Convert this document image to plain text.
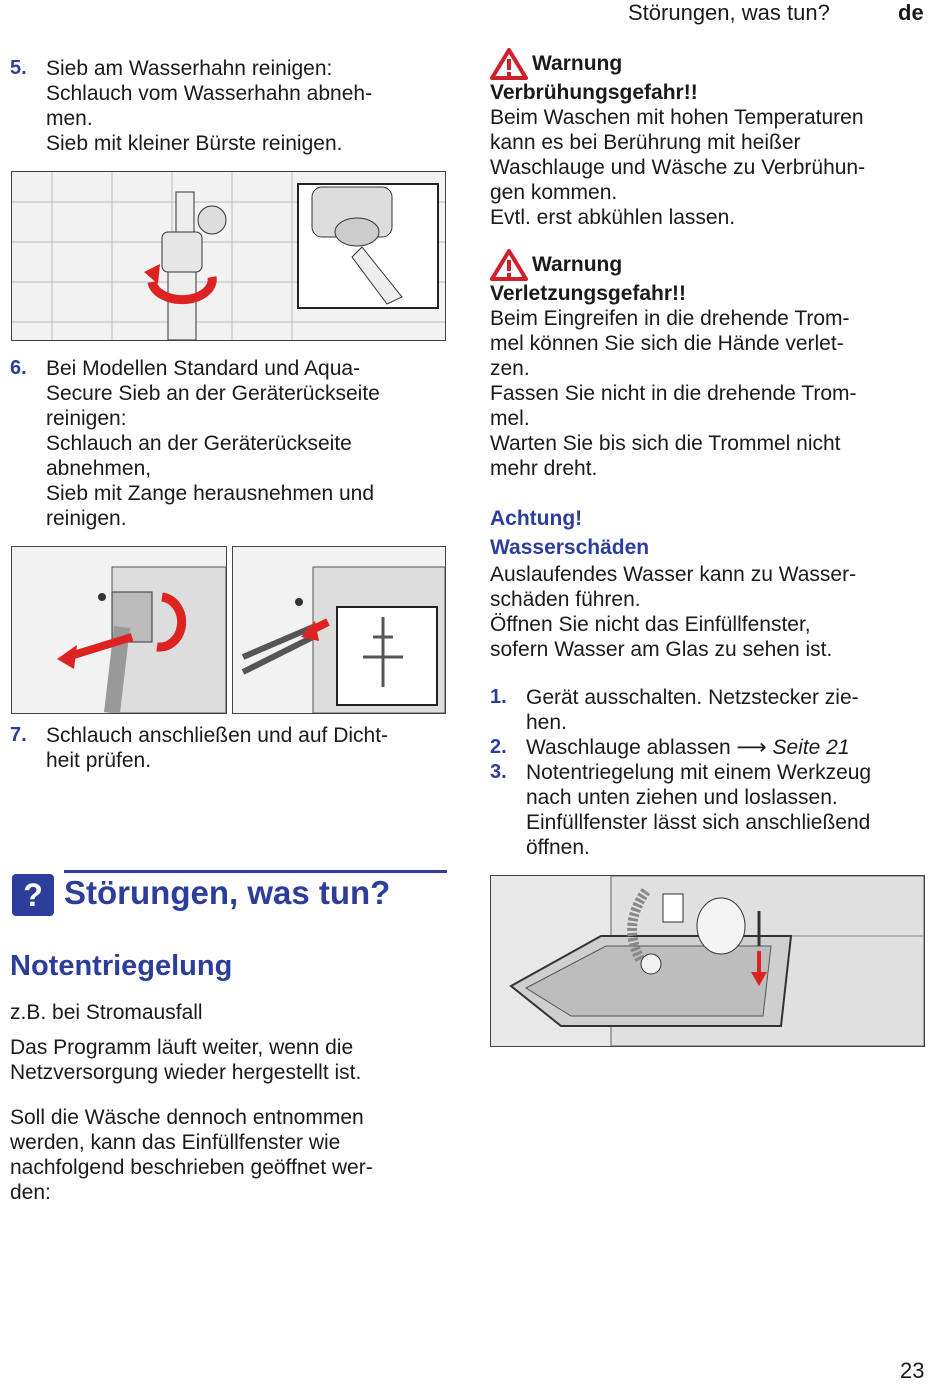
Störungen, was tun?	de
5. Sieb am Wasserhahn reinigen:
Schlauch vom Wasserhahn abneh-
men.
Sieb mit kleiner Bürste reinigen.
6. Bei Modellen Standard und Aqua-
Secure Sieb an der Geräterückseite
reinigen:
Schlauch an der Geräterückseite
abnehmen,
Sieb mit Zange herausnehmen und
reinigen.
7. Schlauch anschließen und auf Dicht-
heit prüfen.
? Störungen, was tun?
Notentriegelung
z.B. bei Stromausfall
Das Programm läuft weiter, wenn die
Netzversorgung wieder hergestellt ist.
Soll die Wäsche dennoch entnommen
werden, kann das Einfüllfenster wie
nachfolgend beschrieben geöffnet wer-
den:
Warnung
Verbrühungsgefahr!!
Beim Waschen mit hohen Temperaturen
kann es bei Berührung mit heißer
Waschlauge und Wäsche zu Verbrühun-
gen kommen.
Evtl. erst abkühlen lassen.
Warnung
Verletzungsgefahr!!
Beim Eingreifen in die drehende Trom-
mel können Sie sich die Hände verlet-
zen.
Fassen Sie nicht in die drehende Trom-
mel.
Warten Sie bis sich die Trommel nicht
mehr dreht.
Achtung!
Wasserschäden
Auslaufendes Wasser kann zu Wasser-
schäden führen.
Öffnen Sie nicht das Einfüllfenster,
sofern Wasser am Glas zu sehen ist.
1. Gerät ausschalten. Netzstecker zie-
hen.
2. Waschlauge ablassen ⟶ Seite 21
3. Notentriegelung mit einem Werkzeug
nach unten ziehen und loslassen.
Einfüllfenster lässt sich anschließend
öffnen.
23
